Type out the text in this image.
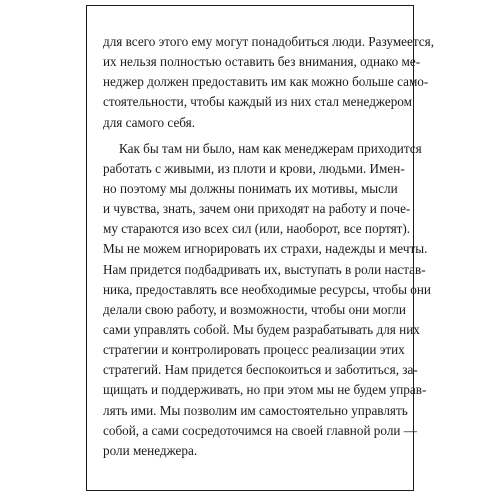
для всего этого ему могут понадобиться люди. Разумеется,
их нельзя полностью оставить без внимания, однако ме-
неджер должен предоставить им как можно больше само-
стоятельности, чтобы каждый из них стал менеджером
для самого себя.
Как бы там ни было, нам как менеджерам приходится
работать с живыми, из плоти и крови, людьми. Имен-
но поэтому мы должны понимать их мотивы, мысли
и чувства, знать, зачем они приходят на работу и поче-
му стараются изо всех сил (или, наоборот, все портят).
Мы не можем игнорировать их страхи, надежды и мечты.
Нам придется подбадривать их, выступать в роли настав-
ника, предоставлять все необходимые ресурсы, чтобы они
делали свою работу, и возможности, чтобы они могли
сами управлять собой. Мы будем разрабатывать для них
стратегии и контролировать процесс реализации этих
стратегий. Нам придется беспокоиться и заботиться, за-
щищать и поддерживать, но при этом мы не будем управ-
лять ими. Мы позволим им самостоятельно управлять
собой, а сами сосредоточимся на своей главной роли —
роли менеджера.
